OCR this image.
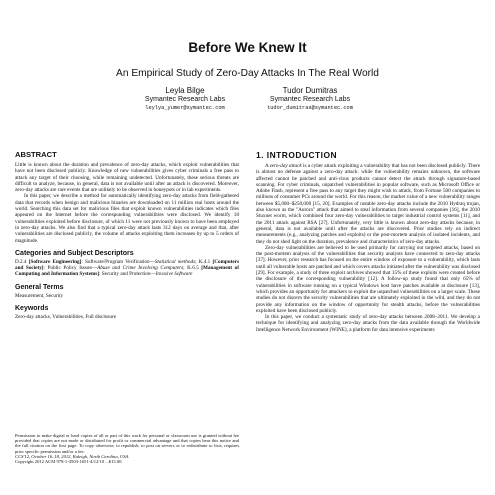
Before We Knew It
An Empirical Study of Zero-Day Attacks In The Real World
Leyla Bilge
Symantec Research Labs
leylya_yumer@symantec.com
Tudor Dumitras
Symantec Research Labs
tudor_dumitras@symantec.com
ABSTRACT

Little is known about the duration and prevalence of zero-day attacks, which exploit vulnerabilities that have not been disclosed publicly. Knowledge of new vulnerabilities gives cyber criminals a free pass to attack any target of their choosing, while remaining undetected. Unfortunately, these serious threats are difficult to analyze, because, in general, data is not available until after an attack is discovered. Moreover, zero-day attacks are rare events that are unlikely to be observed in honeypots or in lab experiments.

In this paper, we describe a method for automatically identifying zero-day attacks from field-gathered data that records when benign and malicious binaries are downloaded on 11 million real hosts around the world. Searching this data set for malicious files that exploit known vulnerabilities indicates which files appeared on the Internet before the corresponding vulnerabilities were disclosed. We identify 18 vulnerabilities exploited before disclosure, of which 11 were not previously known to have been employed in zero-day attacks. We also find that a typical zero-day attack lasts 312 days on average and that, after vulnerabilities are disclosed publicly, the volume of attacks exploiting them increases by up to 5 orders of magnitude.

Categories and Subject Descriptors

D.2.4 [Software Engineering]: Software/Program Verification—Statistical methods; K.4.1 [Computers and Society]: Public Policy Issues—Abuse and Crime Involving Computers; K.6.5 [Management of Computing and Information Systems]: Security and Protection—Invasive Software

General Terms

Measurement, Security

Keywords

Zero-day attacks, Vulnerabilities, Full disclosure

Permission to make digital or hard copies of all or part of this work for personal or classroom use is granted without fee provided that copies are not made or distributed for profit or commercial advantage and that copies bear this notice and the full citation on the first page. To copy otherwise, to republish, to post on servers or to redistribute to lists, requires prior specific permission and/or a fee.
CCS'12, October 16–18, 2012, Raleigh, North Carolina, USA.
Copyright 2012 ACM 978-1-4503-1651-4/12/10 ...$15.00.
1. INTRODUCTION

A zero-day attack is a cyber attack exploiting a vulnerability that has not been disclosed publicly. There is almost no defense against a zero-day attack: while the vulnerability remains unknown, the software affected cannot be patched and anti-virus products cannot detect the attack through signature-based scanning. For cyber criminals, unpatched vulnerabilities in popular software, such as Microsoft Office or Adobe Flash, represent a free pass to any target they might wish to attack, from Fortune 500 companies to millions of consumer PCs around the world. For this reason, the market value of a new vulnerability ranges between $5,000–$250,000 [15, 20]. Examples of notable zero-day attacks include the 2010 Hydraq trojan, also known as the "Aurora" attack that aimed to steal information from several companies [16], the 2010 Stuxnet worm, which combined four zero-day vulnerabilities to target industrial control systems [11], and the 2011 attack against RSA [27]. Unfortunately, very little is known about zero-day attacks because, in general, data is not available until after the attacks are discovered. Prior studies rely on indirect measurements (e.g., analyzing patches and exploits) or the post-mortem analysis of isolated incidents, and they do not shed light on the duration, prevalence and characteristics of zero-day attacks.

Zero-day vulnerabilities are believed to be used primarily for carrying out targeted attacks, based on the post-mortem analysis of the vulnerabilities that security analysts have connected to zero-day attacks [37]. However, prior research has focused on the entire window of exposure to a vulnerability, which lasts until all vulnerable hosts are patched and which covers attacks initiated after the vulnerability was disclosed [29]. For example, a study of three exploit archives showed that 15% of these exploits were created before the disclosure of the corresponding vulnerability [12]. A follow-up study found that only 65% of vulnerabilities in software running on a typical Windows host have patches available at disclosure [13], which provides an opportunity for attackers to exploit the unpatched vulnerabilities on a larger scale. These studies do not discern the security vulnerabilities that are ultimately exploited in the wild, and they do not provide any information on the window of opportunity for stealth attacks, before the vulnerabilities exploited have been disclosed publicly.

In this paper, we conduct a systematic study of zero-day attacks between 2008–2011. We develop a technique for identifying and analyzing zero-day attacks from the data available through the Worldwide Intelligence Network Environment (WINE), a platform for data intensive experiments
